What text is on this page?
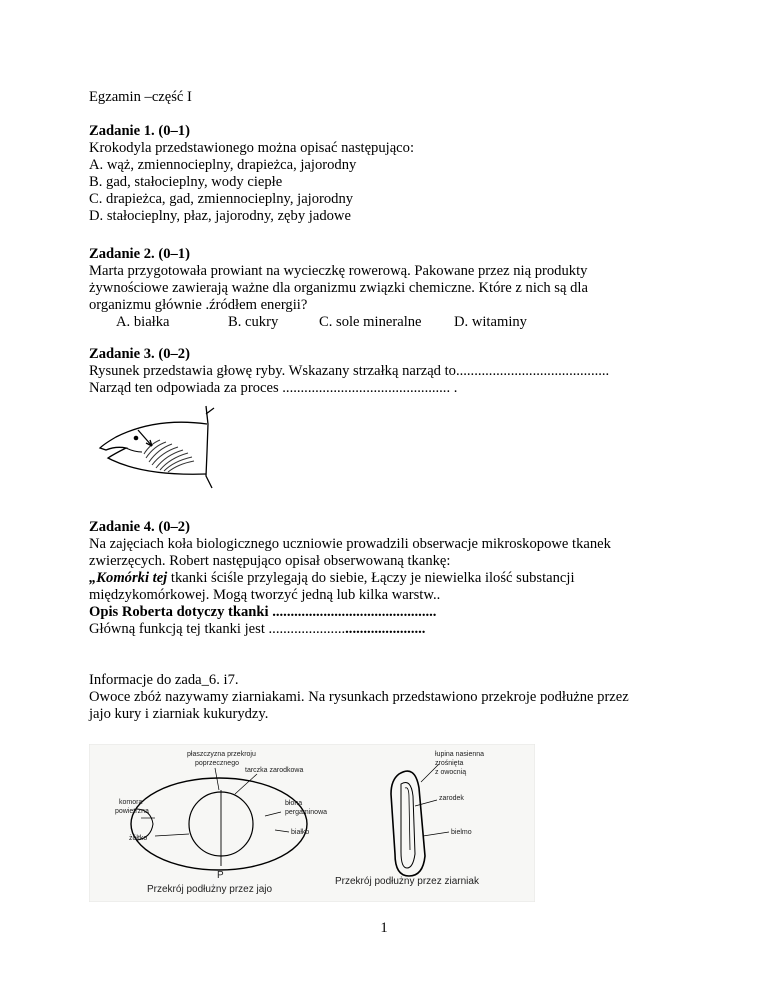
Egzamin –część I
Zadanie 1. (0–1)
Krokodyla przedstawionego można opisać następująco:
A. wąż, zmiennocieplny, drapieżca, jajorodny
B. gad, stałocieplny, wody ciepłe
C. drapieżca, gad, zmiennocieplny, jajorodny
D. stałocieplny, płaz, jajorodny, zęby jadowe
Zadanie 2. (0–1)
Marta przygotowała prowiant na wycieczkę rowerową. Pakowane przez nią produkty
żywnościowe zawierają ważne dla organizmu związki chemiczne. Które z nich są dla
organizmu głównie .źródłem energii?
A. białka	B. cukry	C. sole mineralne D. witaminy
Zadanie 3. (0–2)
Rysunek przedstawia głowę ryby. Wskazany strzałką narząd to..........................................
Narząd ten odpowiada za proces .............................................. .
Zadanie 4. (0–2)
Na zajęciach koła biologicznego uczniowie prowadzili obserwacje mikroskopowe tkanek
zwierzęcych. Robert następująco opisał obserwowaną tkankę:
„Komórki tej tkanki ściśle przylegają do siebie, Łączy je niewielka ilość substancji
międzykomórkowej. Mogą tworzyć jedną lub kilka warstw..
Opis Roberta dotyczy tkanki .............................................
Główną funkcją tej tkanki jest ...........................................
Informacje do zada_6. i7.
Owoce zbóż nazywamy ziarniakami. Na rysunkach przedstawiono przekroje podłużne przez
jajo kury i ziarniak kukurydzy.
płaszczyzna przekroju
poprzecznego
tarczka zarodkowa
komora
powietrzna
błona
pergaminowa
żółtko
białko
P
Przekrój podłużny przez jajo
łupina nasienna
zrośnięta
z owocnią
zarodek
bielmo
Przekrój podłużny przez ziarniak
1
